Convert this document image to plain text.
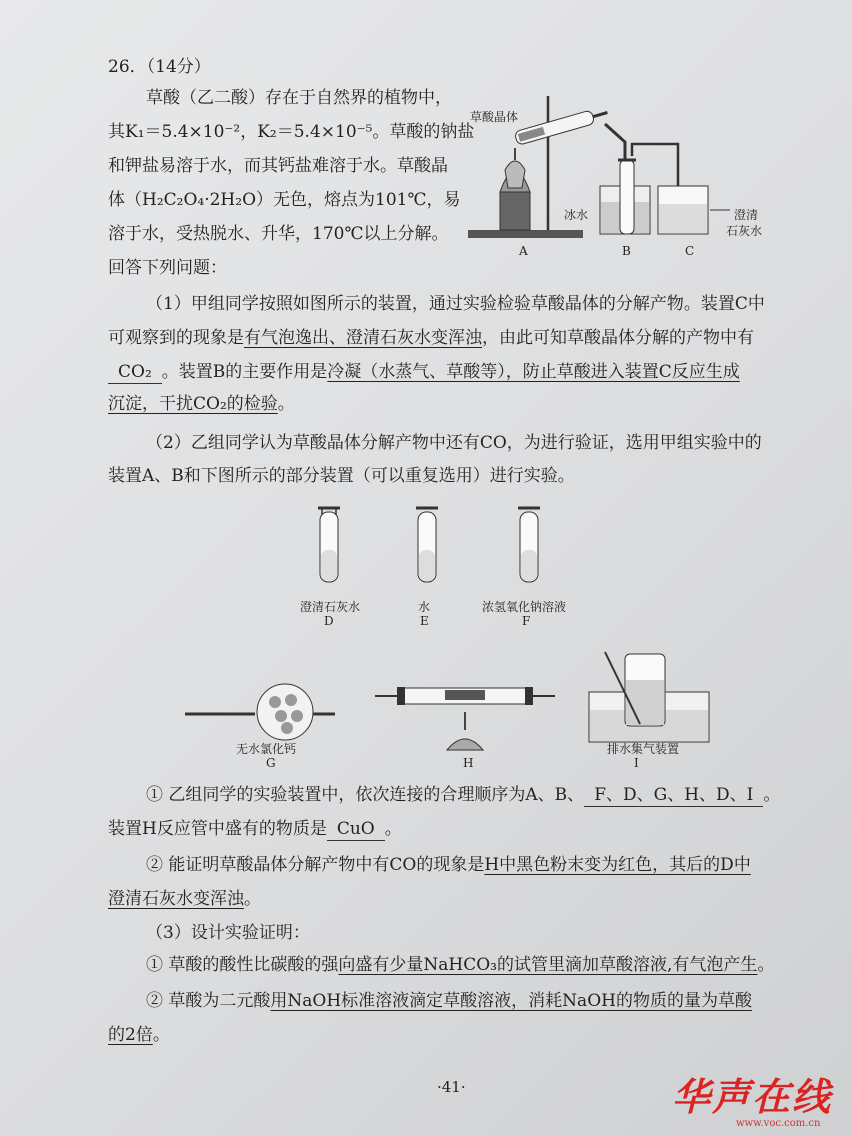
26．（14分）
草酸（乙二酸）存在于自然界的植物中，
其K₁＝5.4×10⁻²，K₂＝5.4×10⁻⁵。草酸的钠盐
和钾盐易溶于水，而其钙盐难溶于水。草酸晶
体（H₂C₂O₄·2H₂O）无色，熔点为101℃，易
溶于水，受热脱水、升华，170℃以上分解。
回答下列问题：
草酸晶体
冰水	澄清
石灰水
A	B	C
（1）甲组同学按照如图所示的装置，通过实验检验草酸晶体的分解产物。装置C中
可观察到的现象是有气泡逸出、澄清石灰水变浑浊，由此可知草酸晶体分解的产物中有
CO₂ 。装置B的主要作用是冷凝（水蒸气、草酸等），防止草酸进入装置C反应生成
沉淀，干扰CO₂的检验。
（2）乙组同学认为草酸晶体分解产物中还有CO，为进行验证，选用甲组实验中的
装置A、B和下图所示的部分装置（可以重复选用）进行实验。
澄清石灰水
D
水
E
浓氢氧化钠溶液
F
无水氯化钙
G	H
排水集气装置
I
① 乙组同学的实验装置中，依次连接的合理顺序为A、B、 F、D、G、H、D、I 。
装置H反应管中盛有的物质是 CuO 。
② 能证明草酸晶体分解产物中有CO的现象是H中黑色粉末变为红色，其后的D中
澄清石灰水变浑浊。
（3）设计实验证明：
① 草酸的酸性比碳酸的强向盛有少量NaHCO₃的试管里滴加草酸溶液,有气泡产生。
② 草酸为二元酸用NaOH标准溶液滴定草酸溶液，消耗NaOH的物质的量为草酸
的2倍。
·41·	华声在线
www.voc.com.cn
